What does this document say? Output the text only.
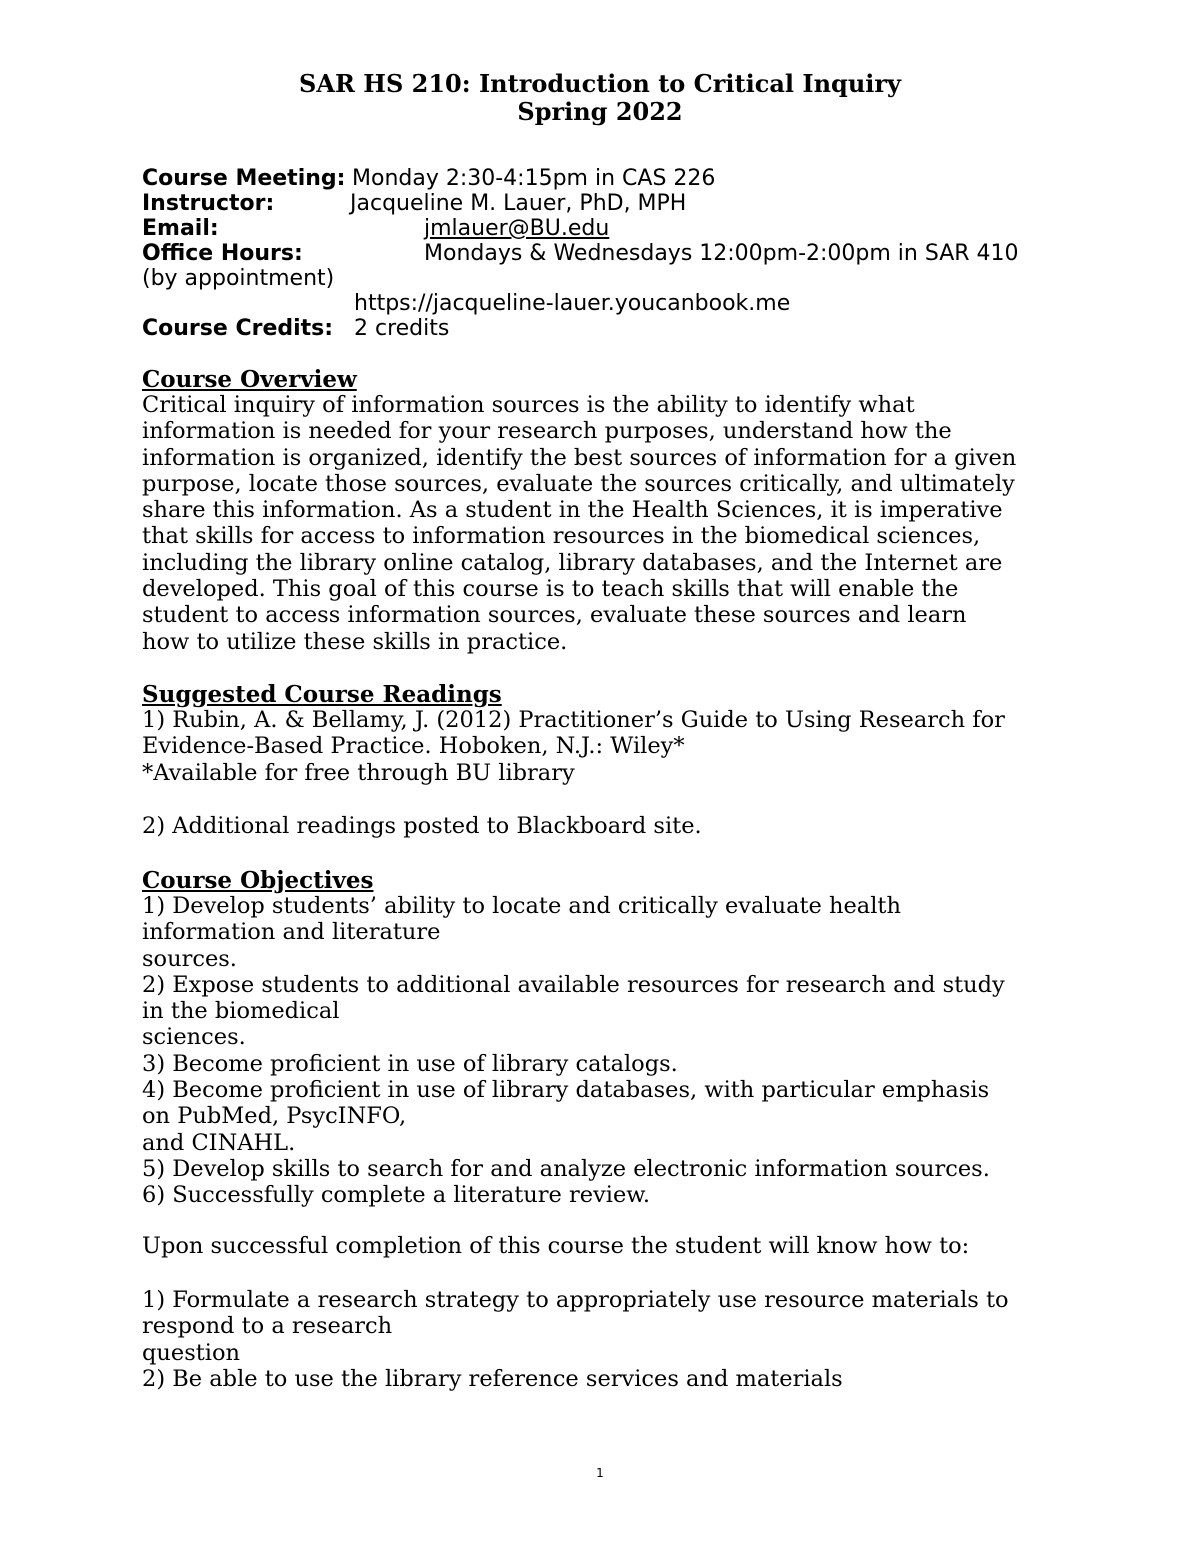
SAR HS 210: Introduction to Critical Inquiry
Spring 2022
Course Meeting: Monday 2:30-4:15pm in CAS 226
Instructor:	Jacqueline M. Lauer, PhD, MPH
Email:	jmlauer@BU.edu
Office Hours:	Mondays & Wednesdays 12:00pm-2:00pm in SAR 410
(by appointment)
https://jacqueline-lauer.youcanbook.me
Course Credits: 2 credits
Course Overview
Critical inquiry of information sources is the ability to identify what
information is needed for your research purposes, understand how the
information is organized, identify the best sources of information for a given
purpose, locate those sources, evaluate the sources critically, and ultimately
share this information. As a student in the Health Sciences, it is imperative
that skills for access to information resources in the biomedical sciences,
including the library online catalog, library databases, and the Internet are
developed. This goal of this course is to teach skills that will enable the
student to access information sources, evaluate these sources and learn
how to utilize these skills in practice.
Suggested Course Readings
1) Rubin, A. & Bellamy, J. (2012) Practitioner’s Guide to Using Research for
Evidence-Based Practice. Hoboken, N.J.: Wiley*
*Available for free through BU library
2) Additional readings posted to Blackboard site.
Course Objectives
1) Develop students’ ability to locate and critically evaluate health
information and literature
sources.
2) Expose students to additional available resources for research and study
in the biomedical
sciences.
3) Become proficient in use of library catalogs.
4) Become proficient in use of library databases, with particular emphasis
on PubMed, PsycINFO,
and CINAHL.
5) Develop skills to search for and analyze electronic information sources.
6) Successfully complete a literature review.
Upon successful completion of this course the student will know how to:
1) Formulate a research strategy to appropriately use resource materials to
respond to a research
question
2) Be able to use the library reference services and materials
1
